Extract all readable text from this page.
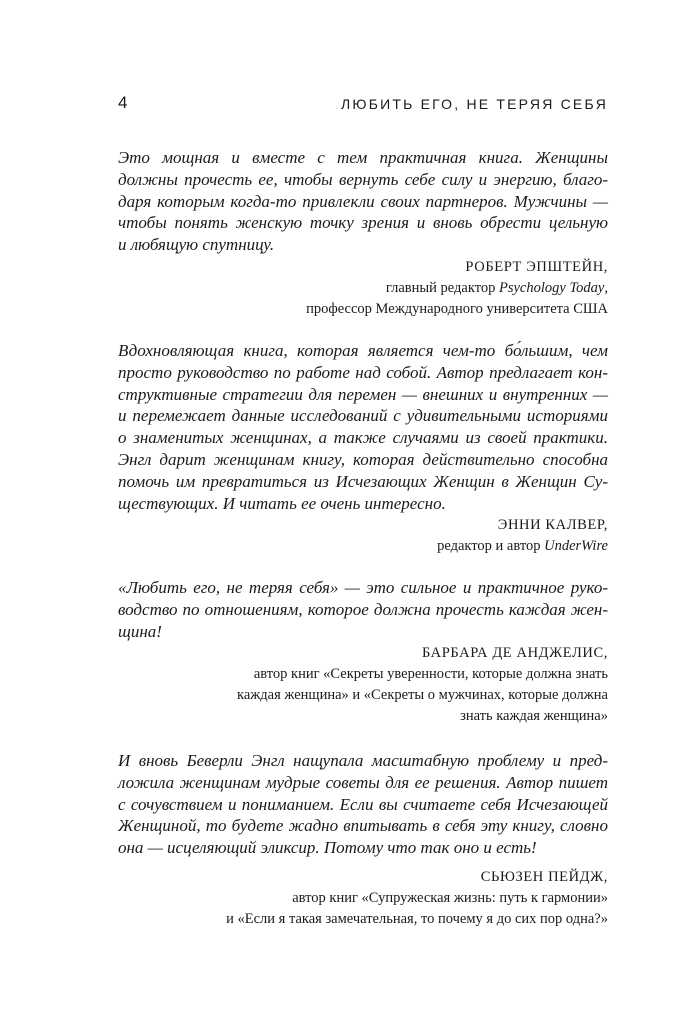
4	ЛЮБИТЬ ЕГО, НЕ ТЕРЯЯ СЕБЯ

Это мощная и вместе с тем практичная книга. Женщины
должны прочесть ее, чтобы вернуть себе силу и энергию, благо-
даря которым когда-то привлекли своих партнеров. Мужчины —
чтобы понять женскую точку зрения и вновь обрести цельную
и любящую спутницу.

РОБЕРТ ЭПШТЕЙН,
главный редактор Psychology Today,
профессор Международного университета США

Вдохновляющая книга, которая является чем-то бо́льшим, чем
просто руководство по работе над собой. Автор предлагает кон-
структивные стратегии для перемен — внешних и внутренних —
и перемежает данные исследований с удивительными историями
о знаменитых женщинах, а также случаями из своей практики.
Энгл дарит женщинам книгу, которая действительно способна
помочь им превратиться из Исчезающих Женщин в Женщин Су-
ществующих. И читать ее очень интересно.

ЭННИ КАЛВЕР,
редактор и автор UnderWire

«Любить его, не теряя себя» — это сильное и практичное руко-
водство по отношениям, которое должна прочесть каждая жен-
щина!

БАРБАРА ДЕ АНДЖЕЛИС,
автор книг «Секреты уверенности, которые должна знать
каждая женщина» и «Секреты о мужчинах, которые должна
знать каждая женщина»

И вновь Беверли Энгл нащупала масштабную проблему и пред-
ложила женщинам мудрые советы для ее решения. Автор пишет
с сочувствием и пониманием. Если вы считаете себя Исчезающей
Женщиной, то будете жадно впитывать в себя эту книгу, словно
она — исцеляющий эликсир. Потому что так оно и есть!

СЬЮЗЕН ПЕЙДЖ,
автор книг «Супружеская жизнь: путь к гармонии»
и «Если я такая замечательная, то почему я до сих пор одна?»
